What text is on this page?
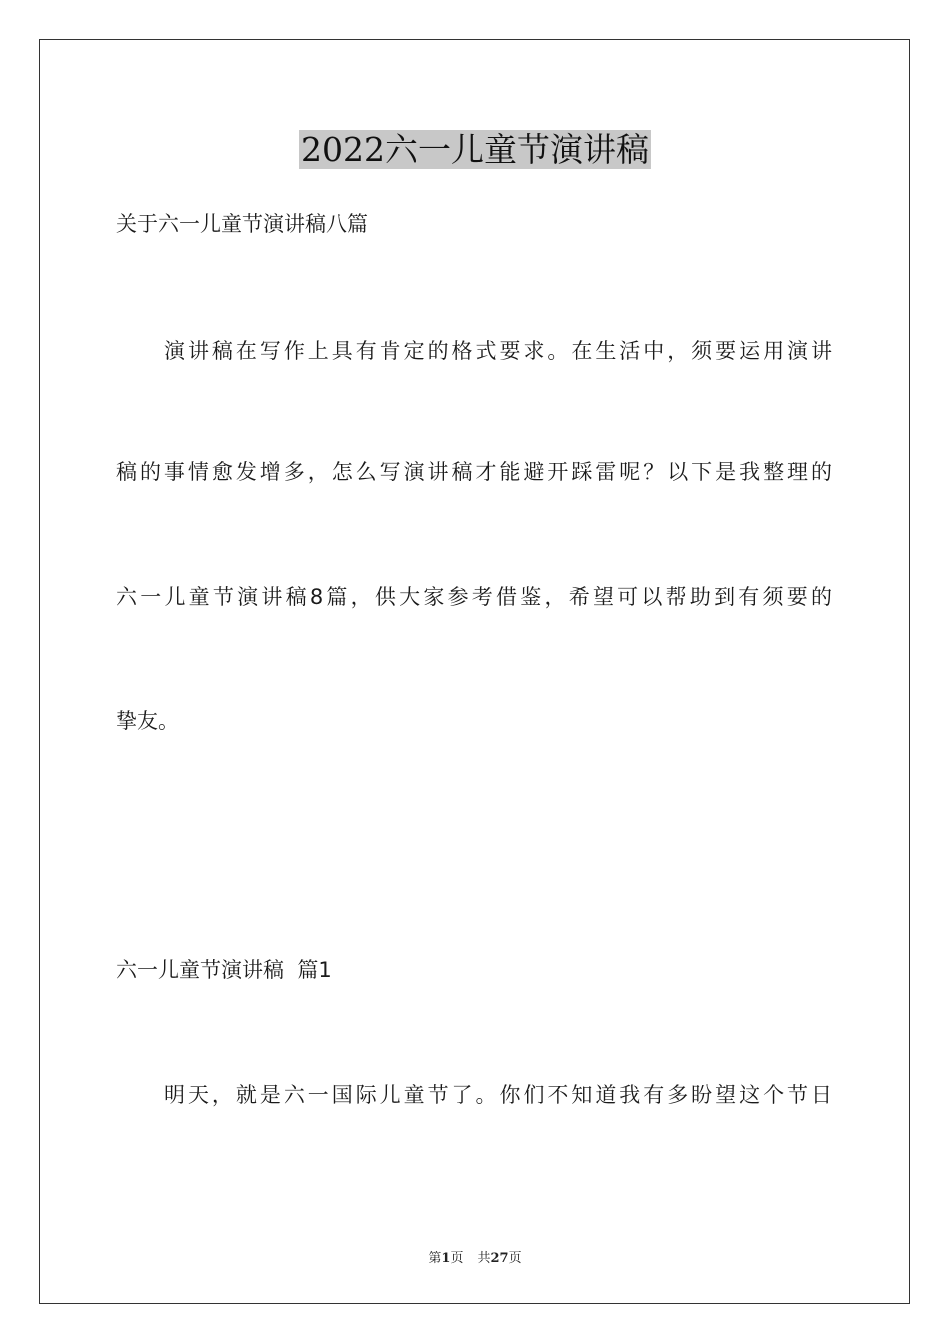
2022六一儿童节演讲稿
关于六一儿童节演讲稿八篇
演讲稿在写作上具有肯定的格式要求。在生活中，须要运用演讲
稿的事情愈发增多，怎么写演讲稿才能避开踩雷呢？以下是我整理的
六一儿童节演讲稿8篇，供大家参考借鉴，希望可以帮助到有须要的
挚友。
六一儿童节演讲稿  篇1
明天，就是六一国际儿童节了。你们不知道我有多盼望这个节日
第1页 共27页
